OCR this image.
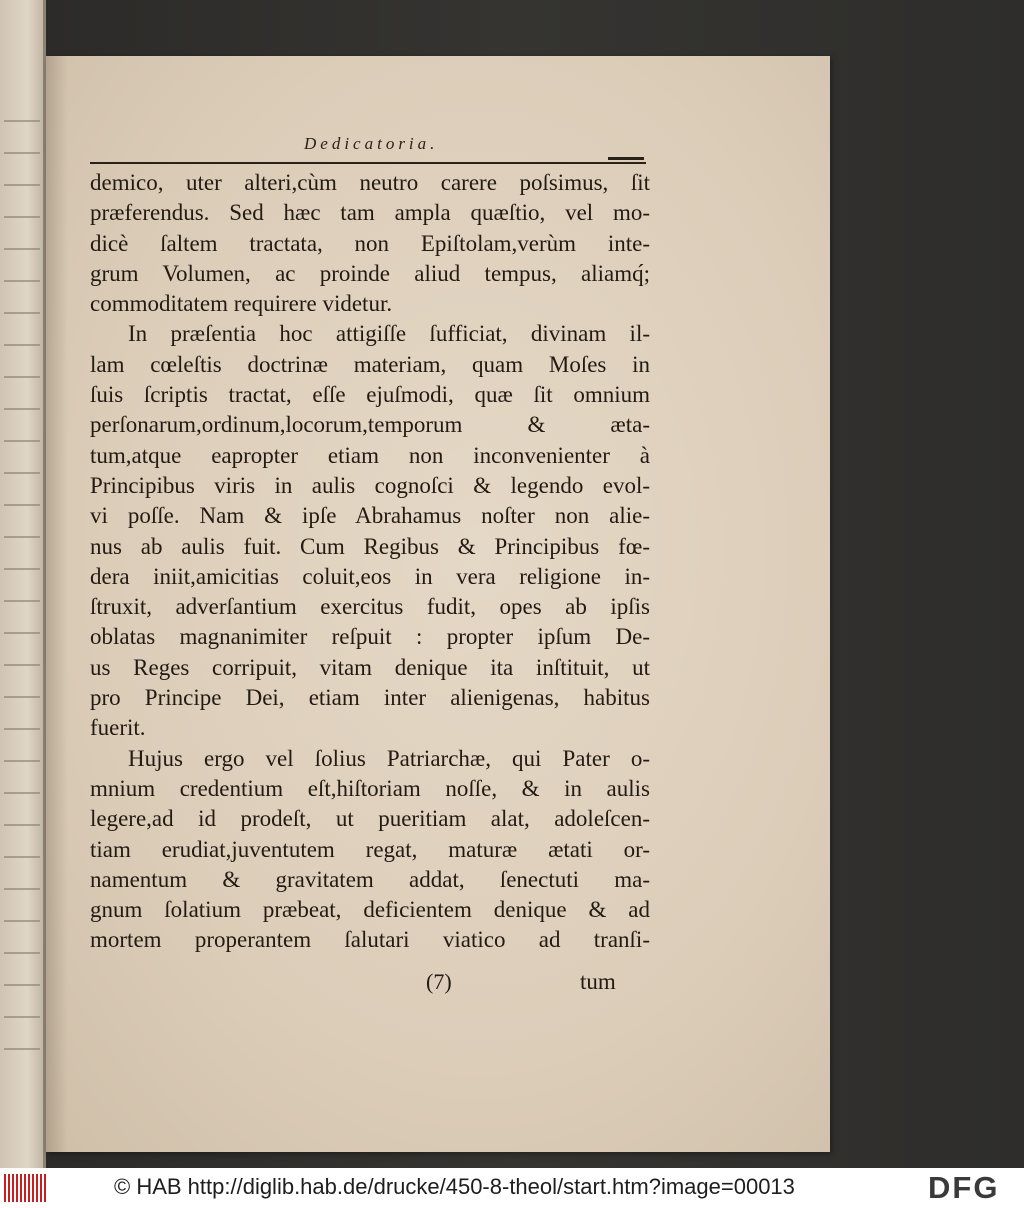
Dedicatoria.
demico, uter alteri,cùm neutro carere poſsimus, ſit
præferendus. Sed hæc tam ampla quæſtio, vel mo-
dicè ſaltem tractata, non Epiſtolam,verùm inte-
grum Volumen, ac proinde aliud tempus, aliamq́;
commoditatem requirere videtur.
In præſentia hoc attigiſſe ſufficiat, divinam il-
lam cœleſtis doctrinæ materiam, quam Moſes in
ſuis ſcriptis tractat, eſſe ejuſmodi, quæ ſit omnium
perſonarum,ordinum,locorum,temporum & æta-
tum,atque eapropter etiam non inconvenienter à
Principibus viris in aulis cognoſci & legendo evol-
vi poſſe. Nam & ipſe Abrahamus noſter non alie-
nus ab aulis fuit. Cum Regibus & Principibus fœ-
dera iniit,amicitias coluit,eos in vera religione in-
ſtruxit, adverſantium exercitus fudit, opes ab ipſis
oblatas magnanimiter reſpuit : propter ipſum De-
us Reges corripuit, vitam denique ita inſtituit, ut
pro Principe Dei, etiam inter alienigenas, habitus
fuerit.
Hujus ergo vel ſolius Patriarchæ, qui Pater o-
mnium credentium eſt,hiſtoriam noſſe, & in aulis
legere,ad id prodeſt, ut pueritiam alat, adoleſcen-
tiam erudiat,juventutem regat, maturæ ætati or-
namentum & gravitatem addat, ſenectuti ma-
gnum ſolatium præbeat, deficientem denique & ad
mortem properantem ſalutari viatico ad tranſi-
(7)	tum
© HAB http://diglib.hab.de/drucke/450-8-theol/start.htm?image=00013	DFG
